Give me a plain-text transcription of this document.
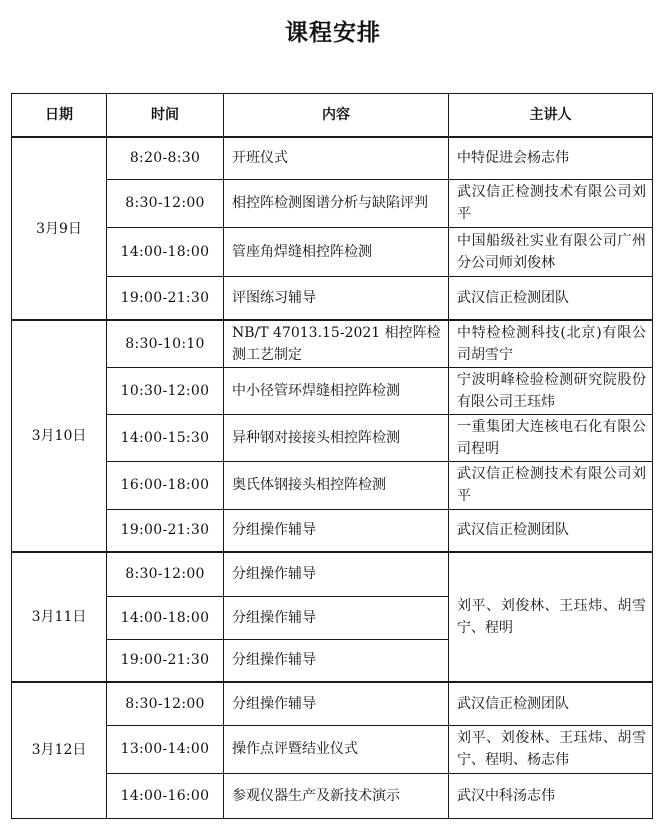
课程安排
日期	时间	内容	主讲人
3月9日	8:20-8:30	开班仪式	中特促进会杨志伟
	8:30-12:00	相控阵检测图谱分析与缺陷评判	武汉信正检测技术有限公司刘平
	14:00-18:00	管座角焊缝相控阵检测	中国船级社实业有限公司广州分公司师刘俊林
	19:00-21:30	评图练习辅导	武汉信正检测团队
3月10日	8:30-10:10	NB/T 47013.15-2021 相控阵检测工艺制定	中特检检测科技(北京)有限公司胡雪宁
	10:30-12:00	中小径管环焊缝相控阵检测	宁波明峰检验检测研究院股份有限公司王珏炜
	14:00-15:30	异种钢对接接头相控阵检测	一重集团大连核电石化有限公司程明
	16:00-18:00	奥氏体钢接头相控阵检测	武汉信正检测技术有限公司刘平
	19:00-21:30	分组操作辅导	武汉信正检测团队
3月11日	8:30-12:00	分组操作辅导	刘平、刘俊林、王珏炜、胡雪宁、程明
	14:00-18:00	分组操作辅导	
	19:00-21:30	分组操作辅导	
3月12日	8:30-12:00	分组操作辅导	武汉信正检测团队
	13:00-14:00	操作点评暨结业仪式	刘平、刘俊林、王珏炜、胡雪宁、程明、杨志伟
	14:00-16:00	参观仪器生产及新技术演示	武汉中科汤志伟
